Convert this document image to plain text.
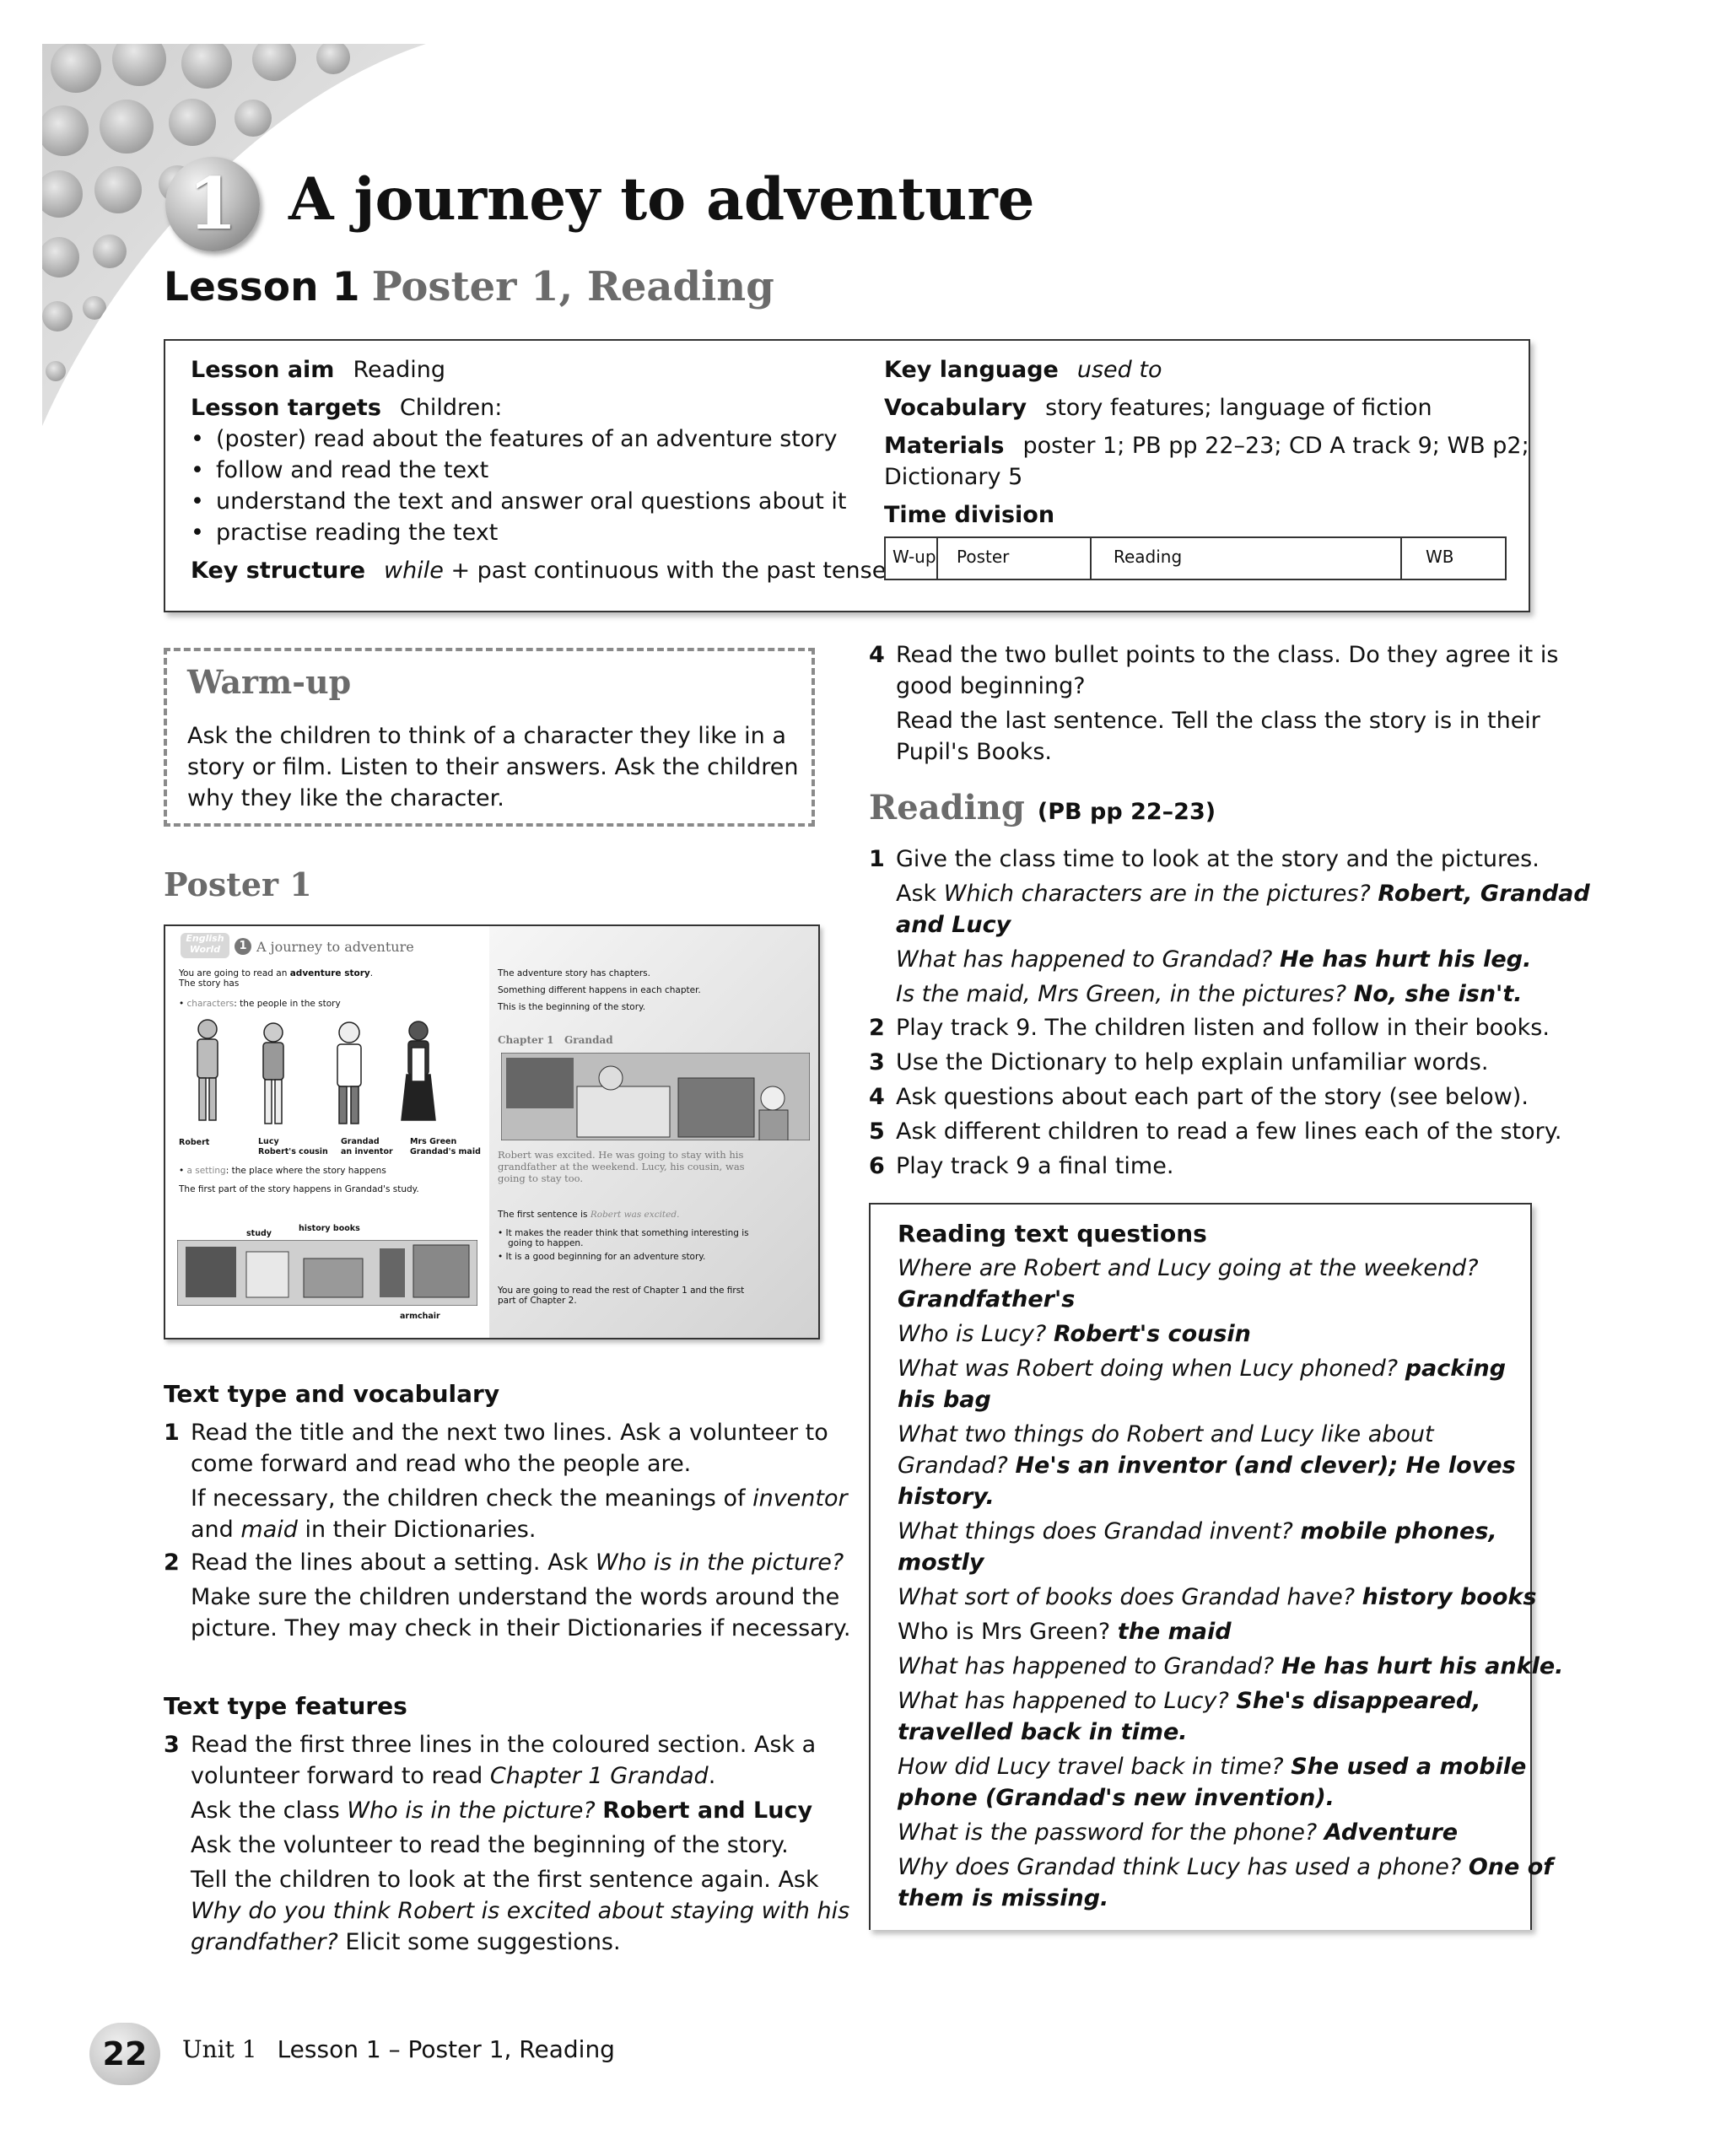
1 A journey to adventure
Lesson 1 Poster 1, Reading
Lesson aim Reading
Lesson targets Children:
• (poster) read about the features of an adventure story
• follow and read the text
• understand the text and answer oral questions about it
• practise reading the text
Key structure while + past continuous with the past tense
Key language used to
Vocabulary story features; language of fiction
Materials poster 1; PB pp 22–23; CD A track 9; WB p2;
Dictionary 5
Time division
W-up	Poster	Reading	WB
Warm-up
Ask the children to think of a character they like in a
story or film. Listen to their answers. Ask the children
why they like the character.
Poster 1
English
World	1 A journey to adventure
You are going to read an adventure story.
The story has
• characters: the people in the story
Robert	Lucy
Robert's cousin
Grandad
an inventor
Mrs Green
Grandad's maid
• a setting: the place where the story happens
The first part of the story happens in Grandad's study.
history books
study
armchair
The adventure story has chapters.
Something different happens in each chapter.
This is the beginning of the story.
Chapter 1   Grandad
Robert was excited. He was going to stay with his
grandfather at the weekend. Lucy, his cousin, was
going to stay too.
The first sentence is Robert was excited.
• It makes the reader think that something interesting is
going to happen.
• It is a good beginning for an adventure story.
You are going to read the rest of Chapter 1 and the first
part of Chapter 2.
Text type and vocabulary
1 Read the title and the next two lines. Ask a volunteer to
come forward and read who the people are.
If necessary, the children check the meanings of inventor
and maid in their Dictionaries.
2 Read the lines about a setting. Ask Who is in the picture?
Make sure the children understand the words around the
picture. They may check in their Dictionaries if necessary.
Text type features
3 Read the first three lines in the coloured section. Ask a
volunteer forward to read Chapter 1 Grandad.
Ask the class Who is in the picture? Robert and Lucy
Ask the volunteer to read the beginning of the story.
Tell the children to look at the first sentence again. Ask
Why do you think Robert is excited about staying with his
grandfather? Elicit some suggestions.
4 Read the two bullet points to the class. Do they agree it is
good beginning?
Read the last sentence. Tell the class the story is in their
Pupil's Books.
Reading (PB pp 22–23)
1 Give the class time to look at the story and the pictures.
Ask Which characters are in the pictures? Robert, Grandad
and Lucy
What has happened to Grandad? He has hurt his leg.
Is the maid, Mrs Green, in the pictures? No, she isn't.
2 Play track 9. The children listen and follow in their books.
3 Use the Dictionary to help explain unfamiliar words.
4 Ask questions about each part of the story (see below).
5 Ask different children to read a few lines each of the story.
6 Play track 9 a final time.
Reading text questions
Where are Robert and Lucy going at the weekend?
Grandfather's
Who is Lucy? Robert's cousin
What was Robert doing when Lucy phoned? packing
his bag
What two things do Robert and Lucy like about
Grandad? He's an inventor (and clever); He loves
history.
What things does Grandad invent? mobile phones,
mostly
What sort of books does Grandad have? history books
Who is Mrs Green? the maid
What has happened to Grandad? He has hurt his ankle.
What has happened to Lucy? She's disappeared,
travelled back in time.
How did Lucy travel back in time? She used a mobile
phone (Grandad's new invention).
What is the password for the phone? Adventure
Why does Grandad think Lucy has used a phone? One of
them is missing.
22	Unit 1 Lesson 1 – Poster 1, Reading
